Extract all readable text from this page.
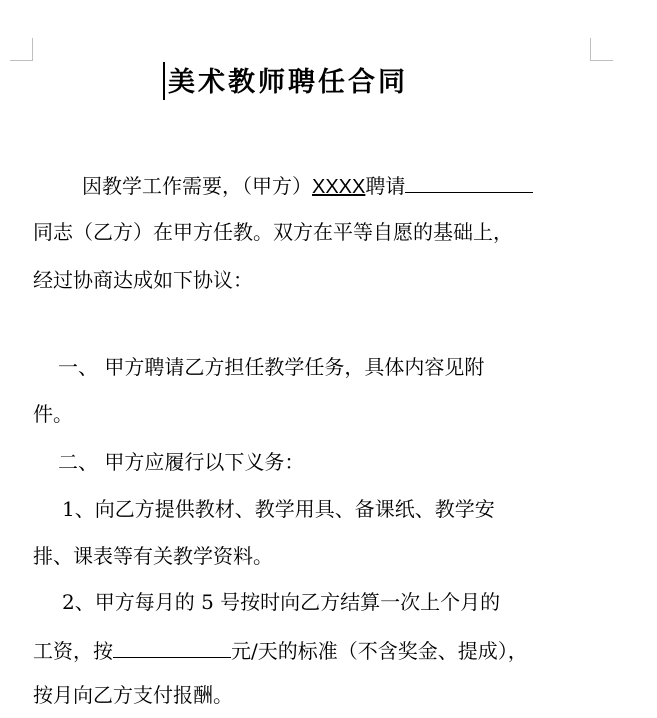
美术教师聘任合同
因教学工作需要，（甲方）XXXX聘请
同志（乙方）在甲方任教。双方在平等自愿的基础上，
经过协商达成如下协议：
一、 甲方聘请乙方担任教学任务，具体内容见附
件。
二、 甲方应履行以下义务：
1、向乙方提供教材、教学用具、备课纸、教学安
排、课表等有关教学资料。
2、甲方每月的 5 号按时向乙方结算一次上个月的
工资，按	元/天的标准（不含奖金、提成），
按月向乙方支付报酬。
